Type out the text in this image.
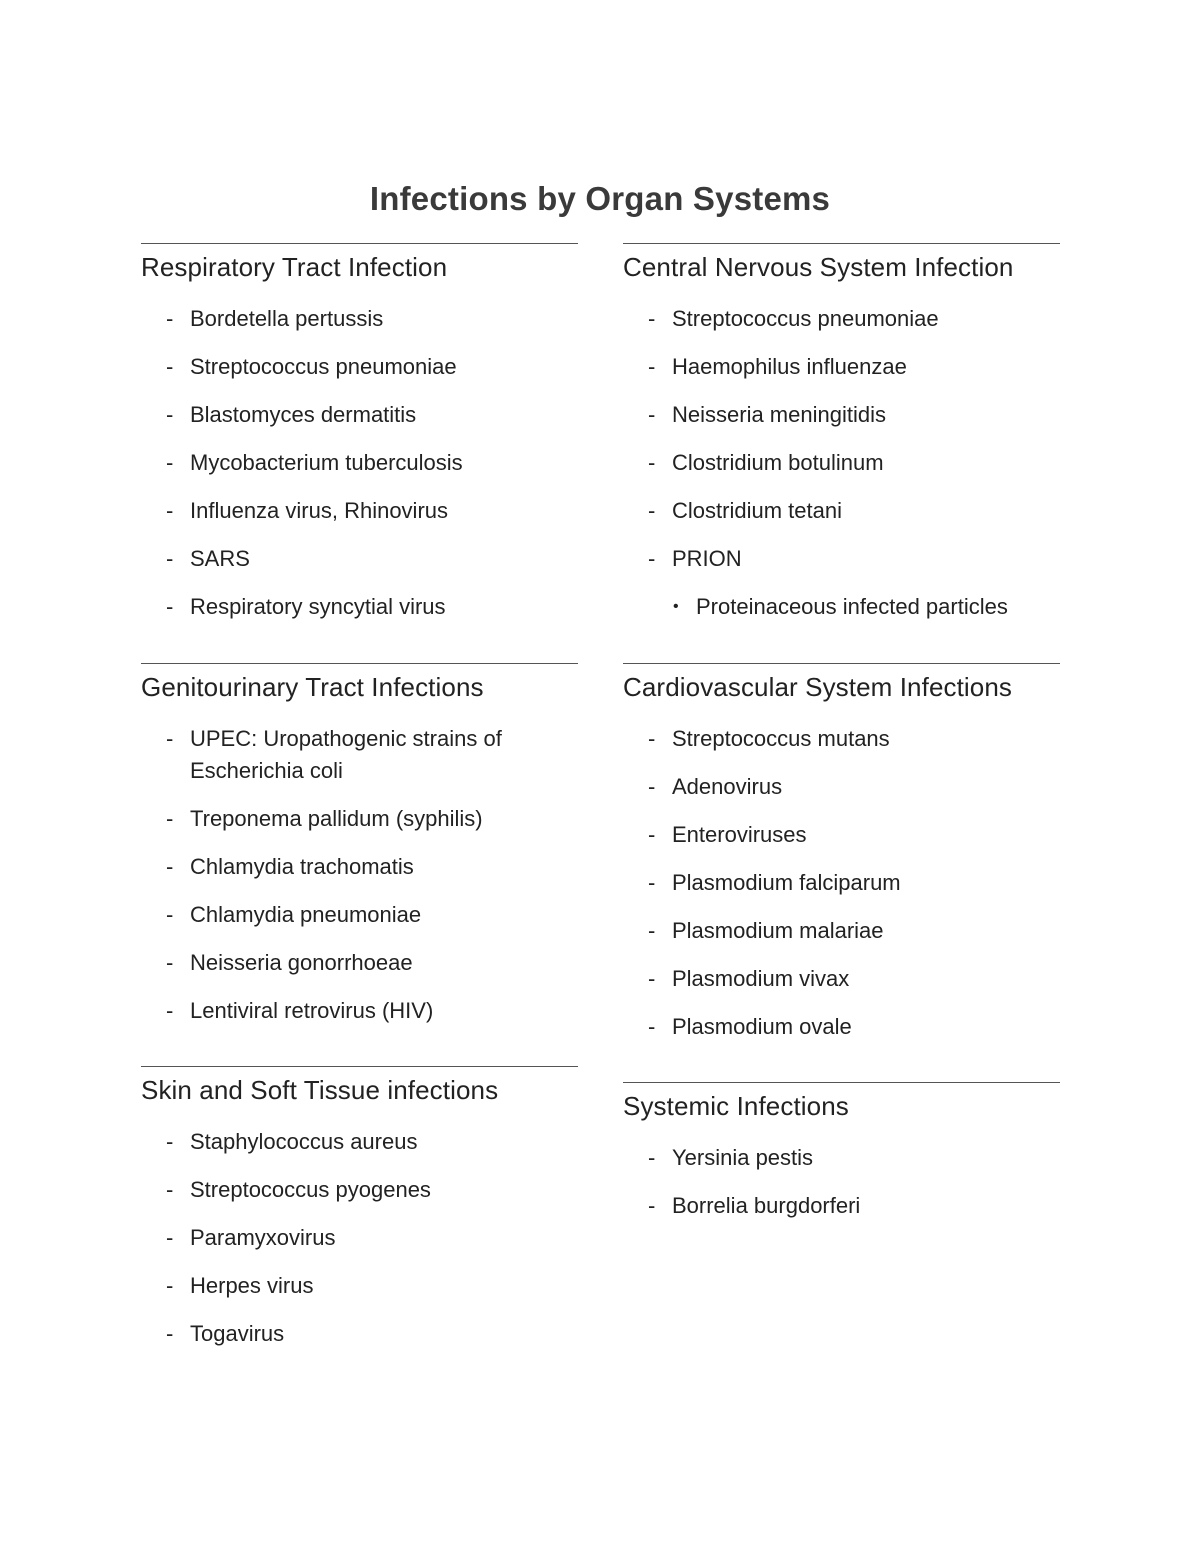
Infections by Organ Systems
Respiratory Tract Infection
- Bordetella pertussis
- Streptococcus pneumoniae
- Blastomyces dermatitis
- Mycobacterium tuberculosis
- Influenza virus, Rhinovirus
- SARS
- Respiratory syncytial virus
Central Nervous System Infection
- Streptococcus pneumoniae
- Haemophilus influenzae
- Neisseria meningitidis
- Clostridium botulinum
- Clostridium tetani
- PRION
• Proteinaceous infected particles
Genitourinary Tract Infections
- UPEC: Uropathogenic strains of Escherichia coli
- Treponema pallidum (syphilis)
- Chlamydia trachomatis
- Chlamydia pneumoniae
- Neisseria gonorrhoeae
- Lentiviral retrovirus (HIV)
Cardiovascular System Infections
- Streptococcus mutans
- Adenovirus
- Enteroviruses
- Plasmodium falciparum
- Plasmodium malariae
- Plasmodium vivax
- Plasmodium ovale
Skin and Soft Tissue infections
- Staphylococcus aureus
- Streptococcus pyogenes
- Paramyxovirus
- Herpes virus
- Togavirus
Systemic Infections
- Yersinia pestis
- Borrelia burgdorferi
